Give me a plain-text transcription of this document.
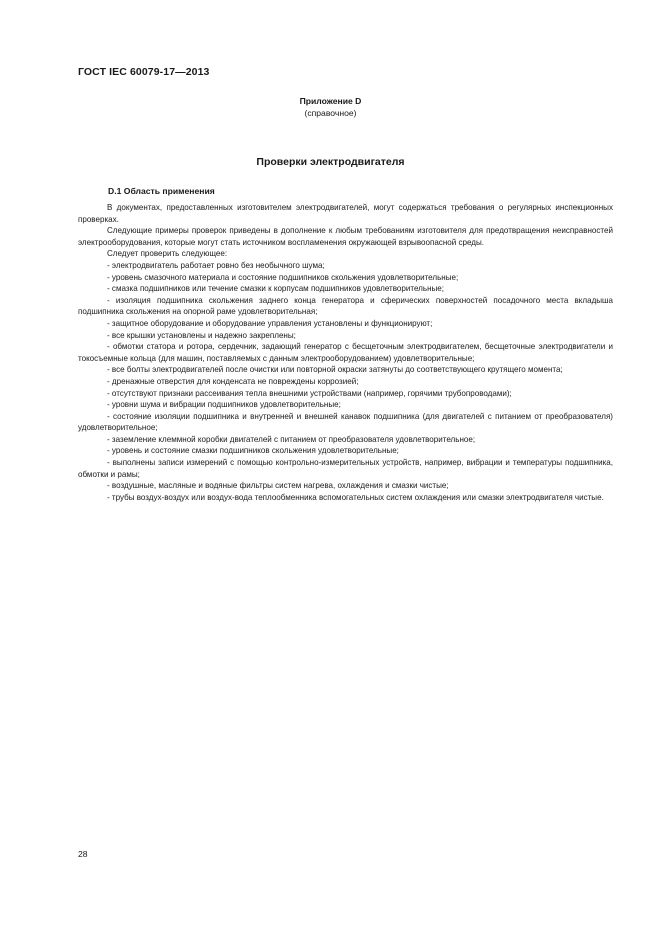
ГОСТ IEC 60079-17—2013
Приложение D
(справочное)
Проверки электродвигателя
D.1 Область применения

В документах, предоставленных изготовителем электродвигателей, могут содержаться требования о регулярных инспекционных проверках.

Следующие примеры проверок приведены в дополнение к любым требованиям изготовителя для предотвращения неисправностей электрооборудования, которые могут стать источником воспламенения окружающей взрывоопасной среды.

Следует проверить следующее:

- электродвигатель работает ровно без необычного шума;

- уровень смазочного материала и состояние подшипников скольжения удовлетворительные;

- смазка подшипников или течение смазки к корпусам подшипников удовлетворительные;

- изоляция подшипника скольжения заднего конца генератора и сферических поверхностей посадочного места вкладыша подшипника скольжения на опорной раме удовлетворительная;

- защитное оборудование и оборудование управления установлены и функционируют;

- все крышки установлены и надежно закреплены;

- обмотки статора и ротора, сердечник, задающий генератор с бесщеточным электродвигателем, бесщеточные электродвигатели и токосъемные кольца (для машин, поставляемых с данным электрооборудованием) удовлетворительные;

- все болты электродвигателей после очистки или повторной окраски затянуты до соответствующего крутящего момента;

- дренажные отверстия для конденсата не повреждены коррозией;

- отсутствуют признаки рассеивания тепла внешними устройствами (например, горячими трубопроводами);

- уровни шума и вибрации подшипников удовлетворительные;

- состояние изоляции подшипника и внутренней и внешней канавок подшипника (для двигателей с питанием от преобразователя) удовлетворительное;

- заземление клеммной коробки двигателей с питанием от преобразователя удовлетворительное;

- уровень и состояние смазки подшипников скольжения удовлетворительные;

- выполнены записи измерений с помощью контрольно-измерительных устройств, например, вибрации и температуры подшипника, обмотки и рамы;

- воздушные, масляные и водяные фильтры систем нагрева, охлаждения и смазки чистые;

- трубы воздух-воздух или воздух-вода теплообменника вспомогательных систем охлаждения или смазки электродвигателя чистые.

28
